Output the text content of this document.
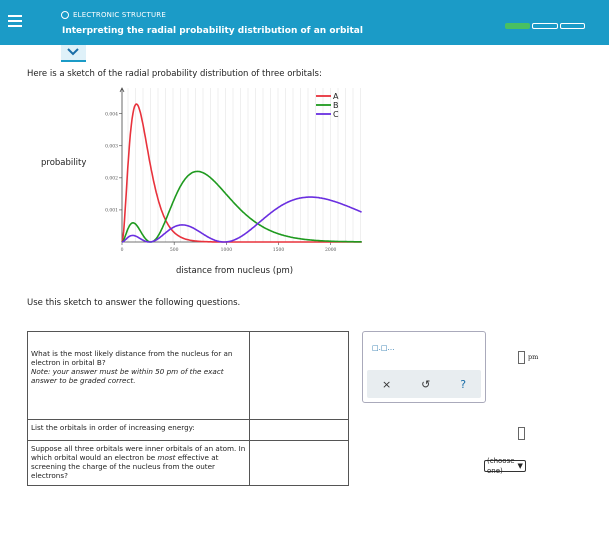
ELECTRONIC STRUCTURE
Interpreting the radial probability distribution of an orbital
Here is a sketch of the radial probability distribution of three orbitals:
0	500	1000	1500	2000
0.001
0.002
0.003
0.004
A
B
C
probability
distance from nucleus (pm)
Use this sketch to answer the following questions.
What is the most likely distance from the nucleus for an electron in orbital B?
Note: your answer must be within 50 pm of the exact answer to be graded correct.	pm

List the orbitals in order of increasing energy:	

Suppose all three orbitals were inner orbitals of an atom. In which orbital would an electron be most effective at screening the charge of the nucleus from the outer electrons?	(choose one)
▼
□.□…
×	↺	?
